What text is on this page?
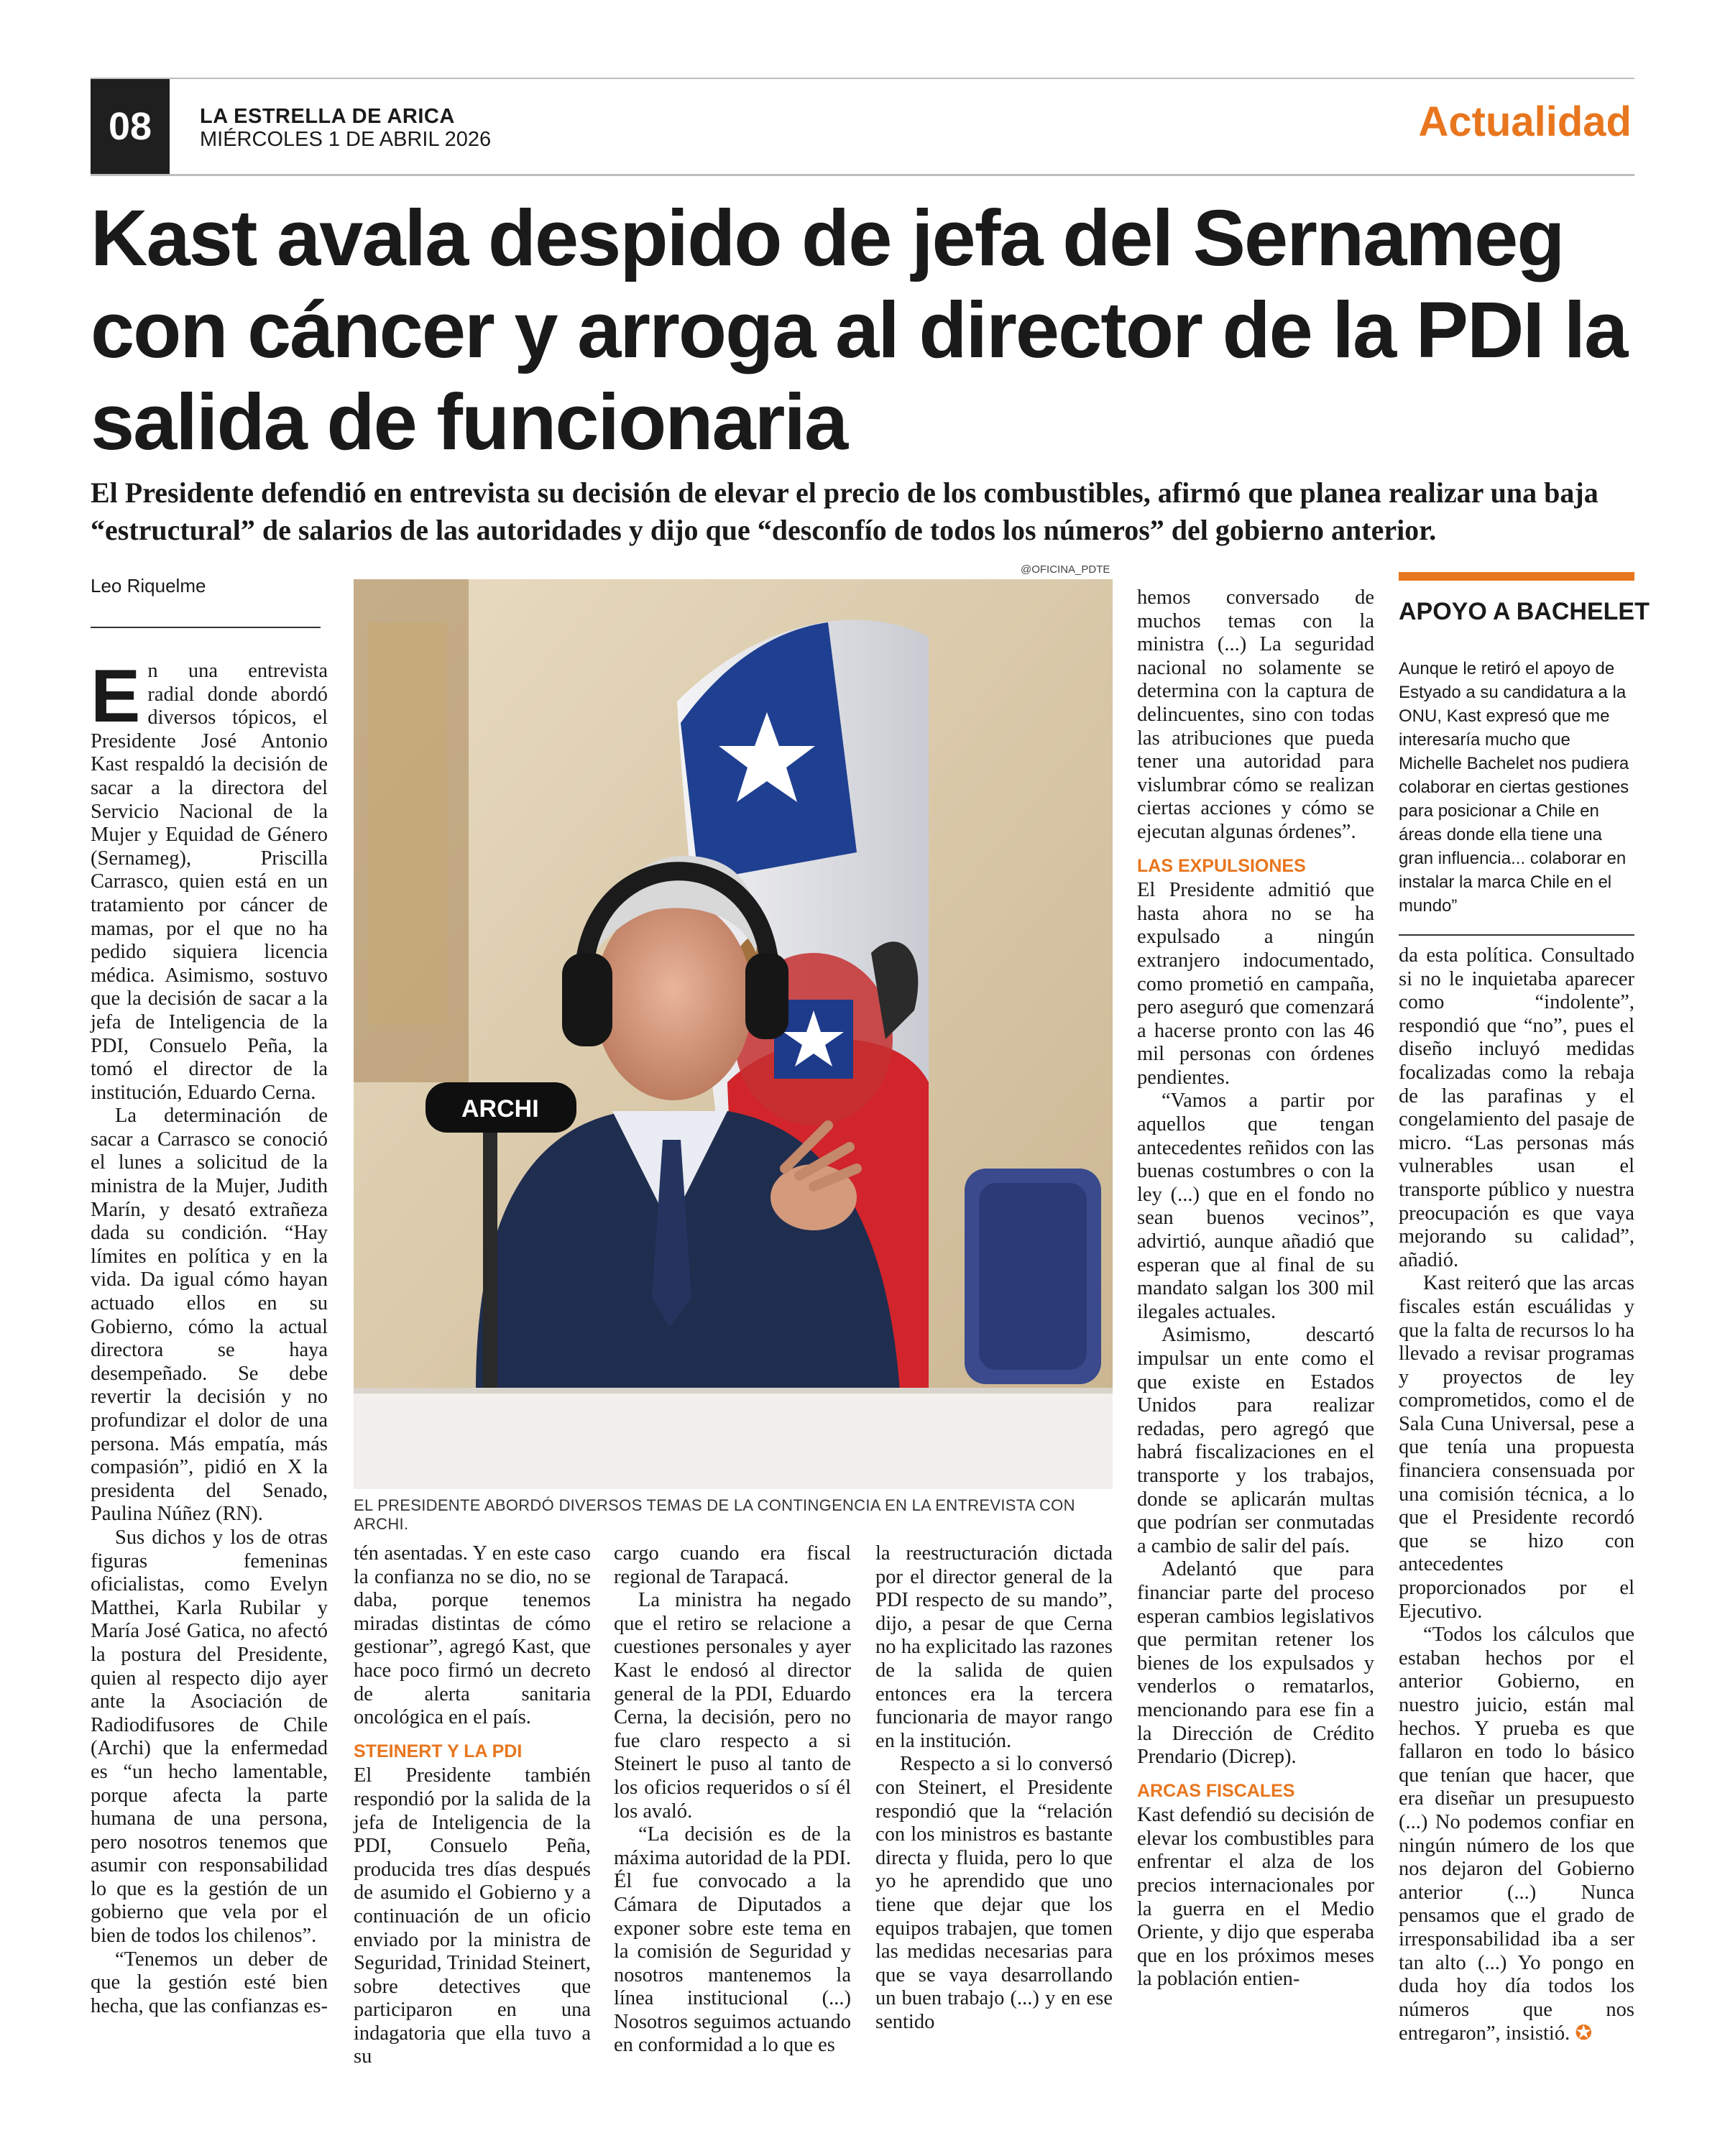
08	LA ESTRELLA DE ARICA
MIÉRCOLES 1 DE ABRIL 2026	Actualidad
Kast avala despido de jefa del Sernameg con cáncer y arroga al director de la PDI la salida de funcionaria

El Presidente defendió en entrevista su decisión de elevar el precio de los combustibles, afirmó que planea realizar una baja “estructural” de salarios de las autoridades y dijo que “desconfío de todos los números” del gobierno anterior.

Leo Riquelme
E n una entrevista radial donde abordó diversos tópicos, el Presidente José Antonio Kast respaldó la decisión de sacar a la directora del Servicio Nacional de la Mujer y Equidad de Género (Sernameg), Priscilla Carrasco, quien está en un tratamiento por cáncer de mamas, por el que no ha pedido siquiera licencia médica. Asimismo, sostuvo que la decisión de sacar a la jefa de Inteligencia de la PDI, Consuelo Peña, la tomó el director de la institución, Eduardo Cerna.

La determinación de sacar a Carrasco se conoció el lunes a solicitud de la ministra de la Mujer, Judith Marín, y desató extrañeza dada su condición. “Hay límites en política y en la vida. Da igual cómo hayan actuado ellos en su Gobierno, cómo la actual directora se haya desempeñado. Se debe revertir la decisión y no profundizar el dolor de una persona. Más empatía, más compasión”, pidió en X la presidenta del Senado, Paulina Núñez (RN).

Sus dichos y los de otras figuras femeninas oficialistas, como Evelyn Matthei, Karla Rubilar y María José Gatica, no afectó la postura del Presidente, quien al respecto dijo ayer ante la Asociación de Radiodifusores de Chile (Archi) que la enfermedad es “un hecho lamentable, porque afecta la parte humana de una persona, pero nosotros tenemos que asumir con responsabilidad lo que es la gestión de un gobierno que vela por el bien de todos los chilenos”.

“Tenemos un deber de que la gestión esté bien hecha, que las confianzas es-

@OFICINA_PDTE
ARCHI
EL PRESIDENTE ABORDÓ DIVERSOS TEMAS DE LA CONTINGENCIA EN LA ENTREVISTA CON ARCHI.

tén asentadas. Y en este caso la confianza no se dio, no se daba, porque tenemos miradas distintas de cómo gestionar”, agregó Kast, que hace poco firmó un decreto de alerta sanitaria oncológica en el país.

STEINERT Y LA PDI

El Presidente también respondió por la salida de la jefa de Inteligencia de la PDI, Consuelo Peña, producida tres días después de asumido el Gobierno y a continuación de un oficio enviado por la ministra de Seguridad, Trinidad Steinert, sobre detectives que participaron en una indagatoria que ella tuvo a su

cargo cuando era fiscal regional de Tarapacá.

La ministra ha negado que el retiro se relacione a cuestiones personales y ayer Kast le endosó al director general de la PDI, Eduardo Cerna, la decisión, pero no fue claro respecto a si Steinert le puso al tanto de los oficios requeridos o sí él los avaló.

“La decisión es de la máxima autoridad de la PDI. Él fue convocado a la Cámara de Diputados a exponer sobre este tema en la comisión de Seguridad y nosotros mantenemos la línea institucional (...) Nosotros seguimos actuando en conformidad a lo que es

la reestructuración dictada por el director general de la PDI respecto de su mando”, dijo, a pesar de que Cerna no ha explicitado las razones de la salida de quien entonces era la tercera funcionaria de mayor rango en la institución.

Respecto a si lo conversó con Steinert, el Presidente respondió que la “relación con los ministros es bastante directa y fluida, pero lo que yo he aprendido que uno tiene que dejar que los equipos trabajen, que tomen las medidas necesarias para que se vaya desarrollando un buen trabajo (...) y en ese sentido

hemos conversado de muchos temas con la ministra (...) La seguridad nacional no solamente se determina con la captura de delincuentes, sino con todas las atribuciones que pueda tener una autoridad para vislumbrar cómo se realizan ciertas acciones y cómo se ejecutan algunas órdenes”.

LAS EXPULSIONES

El Presidente admitió que hasta ahora no se ha expulsado a ningún extranjero indocumentado, como prometió en campaña, pero aseguró que comenzará a hacerse pronto con las 46 mil personas con órdenes pendientes.

“Vamos a partir por aquellos que tengan antecedentes reñidos con las buenas costumbres o con la ley (...) que en el fondo no sean buenos vecinos”, advirtió, aunque añadió que esperan que al final de su mandato salgan los 300 mil ilegales actuales.

Asimismo, descartó impulsar un ente como el que existe en Estados Unidos para realizar redadas, pero agregó que habrá fiscalizaciones en el transporte y los trabajos, donde se aplicarán multas que podrían ser conmutadas a cambio de salir del país.

Adelantó que para financiar parte del proceso esperan cambios legislativos que permitan retener los bienes de los expulsados y venderlos o rematarlos, mencionando para ese fin a la Dirección de Crédito Prendario (Dicrep).

ARCAS FISCALES

Kast defendió su decisión de elevar los combustibles para enfrentar el alza de los precios internacionales por la guerra en el Medio Oriente, y dijo que esperaba que en los próximos meses la población entien-

APOYO A BACHELET
Aunque le retiró el apoyo de Estyado a su candidatura a la ONU, Kast expresó que me interesaría mucho que Michelle Bachelet nos pudiera colaborar en ciertas gestiones para posicionar a Chile en áreas donde ella tiene una gran influencia... colaborar en instalar la marca Chile en el mundo”

da esta política. Consultado si no le inquietaba aparecer como “indolente”, respondió que “no”, pues el diseño incluyó medidas focalizadas como la rebaja de las parafinas y el congelamiento del pasaje de micro. “Las personas más vulnerables usan el transporte público y nuestra preocupación es que vaya mejorando su calidad”, añadió.

Kast reiteró que las arcas fiscales están escuálidas y que la falta de recursos lo ha llevado a revisar programas y proyectos de ley comprometidos, como el de Sala Cuna Universal, pese a que tenía una propuesta financiera consensuada por una comisión técnica, a lo que el Presidente recordó que se hizo con antecedentes proporcionados por el Ejecutivo.

“Todos los cálculos que estaban hechos por el anterior Gobierno, en nuestro juicio, están mal hechos. Y prueba es que fallaron en todo lo básico que tenían que hacer, que era diseñar un presupuesto (...) No podemos confiar en ningún número de los que nos dejaron del Gobierno anterior (...) Nunca pensamos que el grado de irresponsabilidad iba a ser tan alto (...) Yo pongo en duda hoy día todos los números que nos entregaron”, insistió. ✪
